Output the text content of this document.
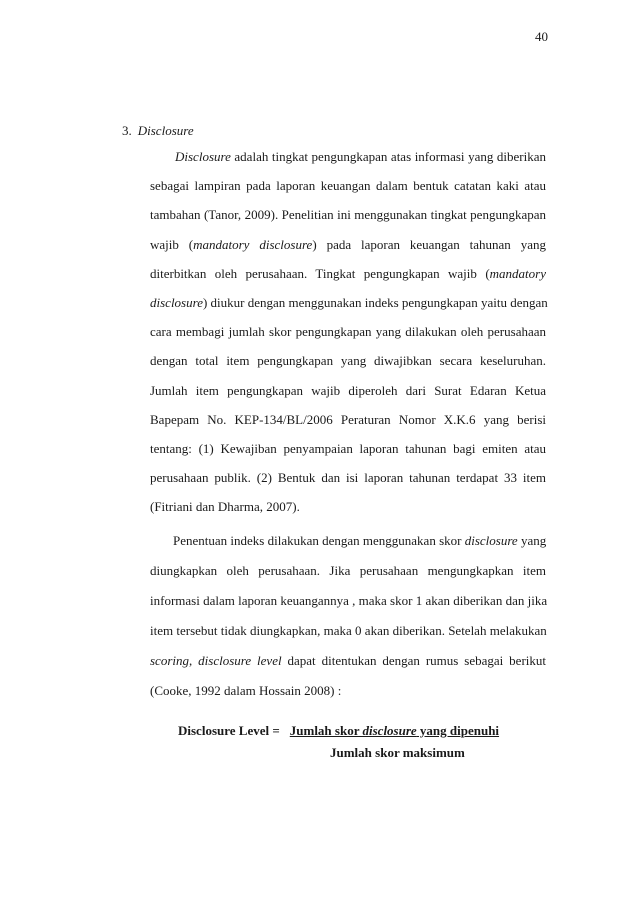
40
3. Disclosure
Disclosure adalah tingkat pengungkapan atas informasi yang diberikan
sebagai lampiran pada laporan keuangan dalam bentuk catatan kaki atau
tambahan (Tanor, 2009). Penelitian ini menggunakan tingkat pengungkapan
wajib (mandatory disclosure) pada laporan keuangan tahunan yang
diterbitkan oleh perusahaan. Tingkat pengungkapan wajib (mandatory
disclosure) diukur dengan menggunakan indeks pengungkapan yaitu dengan
cara membagi jumlah skor pengungkapan yang dilakukan oleh perusahaan
dengan total item pengungkapan yang diwajibkan secara keseluruhan.
Jumlah item pengungkapan wajib diperoleh dari Surat Edaran Ketua
Bapepam No. KEP-134/BL/2006 Peraturan Nomor X.K.6 yang berisi
tentang: (1) Kewajiban penyampaian laporan tahunan bagi emiten atau
perusahaan publik. (2) Bentuk dan isi laporan tahunan terdapat 33 item
(Fitriani dan Dharma, 2007).
Penentuan indeks dilakukan dengan menggunakan skor disclosure yang
diungkapkan oleh perusahaan. Jika perusahaan mengungkapkan item
informasi dalam laporan keuangannya , maka skor 1 akan diberikan dan jika
item tersebut tidak diungkapkan, maka 0 akan diberikan. Setelah melakukan
scoring, disclosure level dapat ditentukan dengan rumus sebagai berikut
(Cooke, 1992 dalam Hossain 2008) :
Disclosure Level = Jumlah skor disclosure yang dipenuhi
Jumlah skor maksimum
